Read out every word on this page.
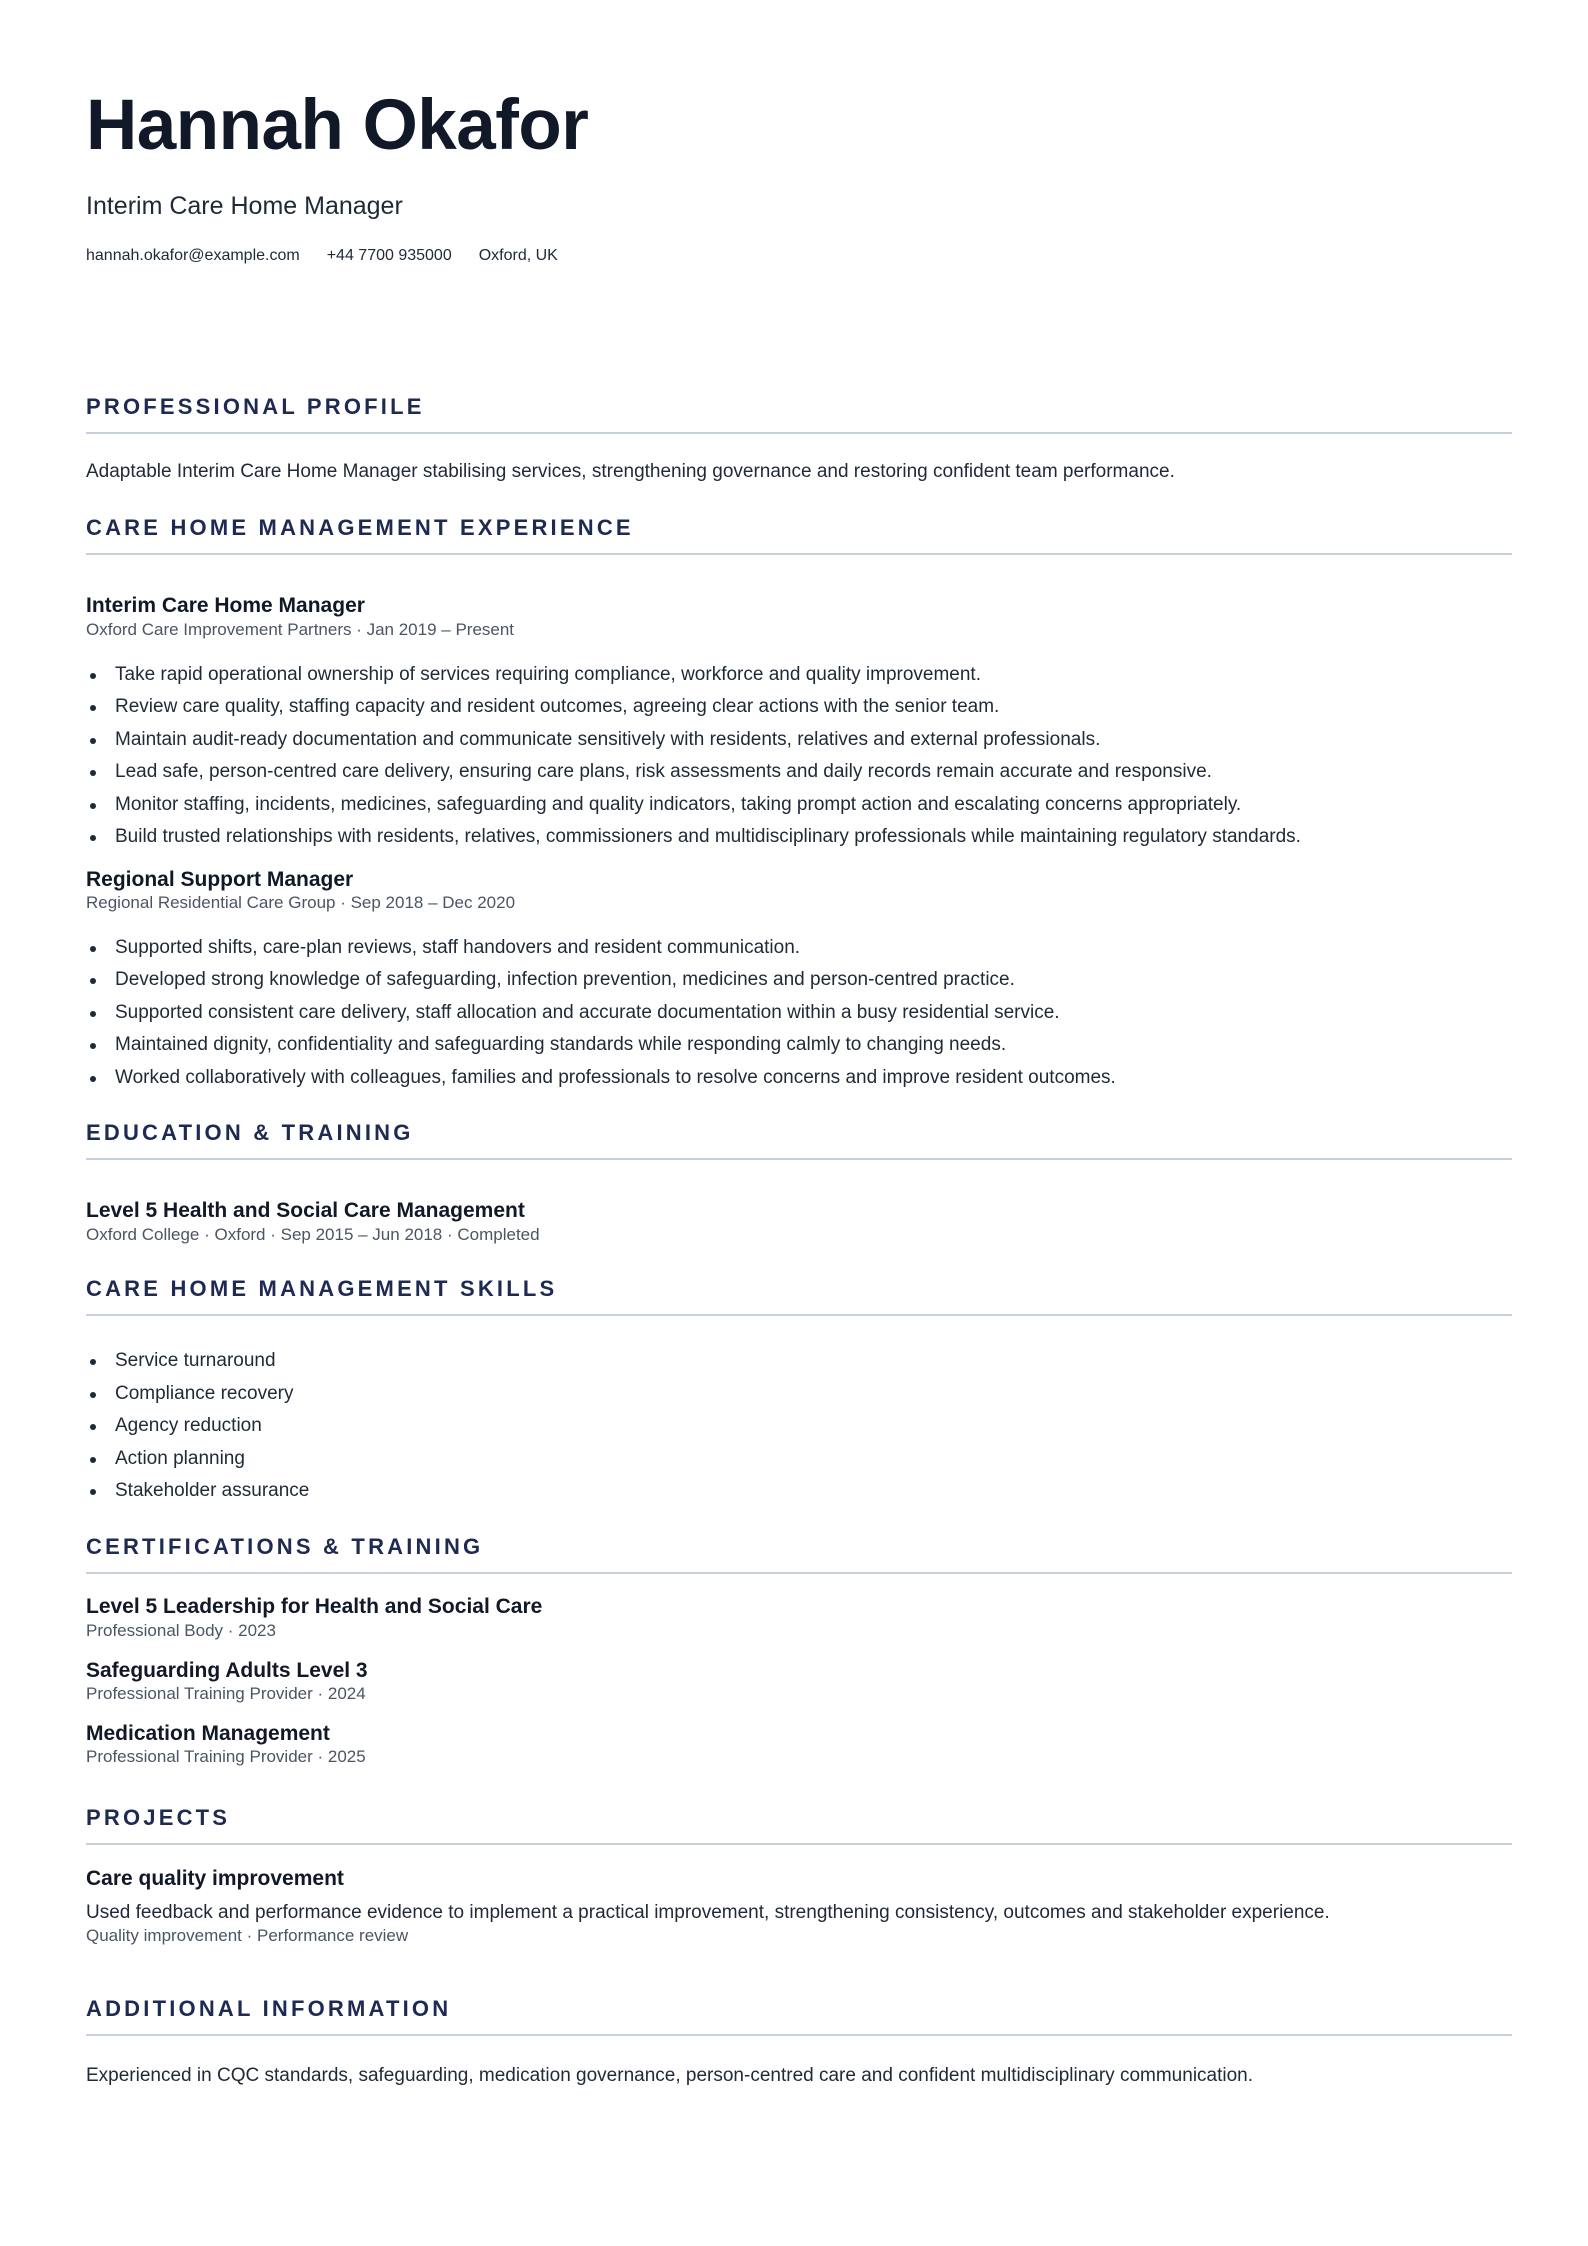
Hannah Okafor
Interim Care Home Manager
hannah.okafor@example.com +44 7700 935000 Oxford, UK
PROFESSIONAL PROFILE
Adaptable Interim Care Home Manager stabilising services, strengthening governance and restoring confident team performance.
CARE HOME MANAGEMENT EXPERIENCE
Interim Care Home Manager
Oxford Care Improvement Partners · Jan 2019 – Present
Take rapid operational ownership of services requiring compliance, workforce and quality improvement.
Review care quality, staffing capacity and resident outcomes, agreeing clear actions with the senior team.
Maintain audit-ready documentation and communicate sensitively with residents, relatives and external professionals.
Lead safe, person-centred care delivery, ensuring care plans, risk assessments and daily records remain accurate and responsive.
Monitor staffing, incidents, medicines, safeguarding and quality indicators, taking prompt action and escalating concerns appropriately.
Build trusted relationships with residents, relatives, commissioners and multidisciplinary professionals while maintaining regulatory standards.
Regional Support Manager
Regional Residential Care Group · Sep 2018 – Dec 2020
Supported shifts, care-plan reviews, staff handovers and resident communication.
Developed strong knowledge of safeguarding, infection prevention, medicines and person-centred practice.
Supported consistent care delivery, staff allocation and accurate documentation within a busy residential service.
Maintained dignity, confidentiality and safeguarding standards while responding calmly to changing needs.
Worked collaboratively with colleagues, families and professionals to resolve concerns and improve resident outcomes.
EDUCATION & TRAINING
Level 5 Health and Social Care Management
Oxford College · Oxford · Sep 2015 – Jun 2018 · Completed
CARE HOME MANAGEMENT SKILLS
Service turnaround
Compliance recovery
Agency reduction
Action planning
Stakeholder assurance
CERTIFICATIONS & TRAINING
Level 5 Leadership for Health and Social Care
Professional Body · 2023
Safeguarding Adults Level 3
Professional Training Provider · 2024
Medication Management
Professional Training Provider · 2025
PROJECTS
Care quality improvement
Used feedback and performance evidence to implement a practical improvement, strengthening consistency, outcomes and stakeholder experience.
Quality improvement · Performance review
ADDITIONAL INFORMATION
Experienced in CQC standards, safeguarding, medication governance, person-centred care and confident multidisciplinary communication.
